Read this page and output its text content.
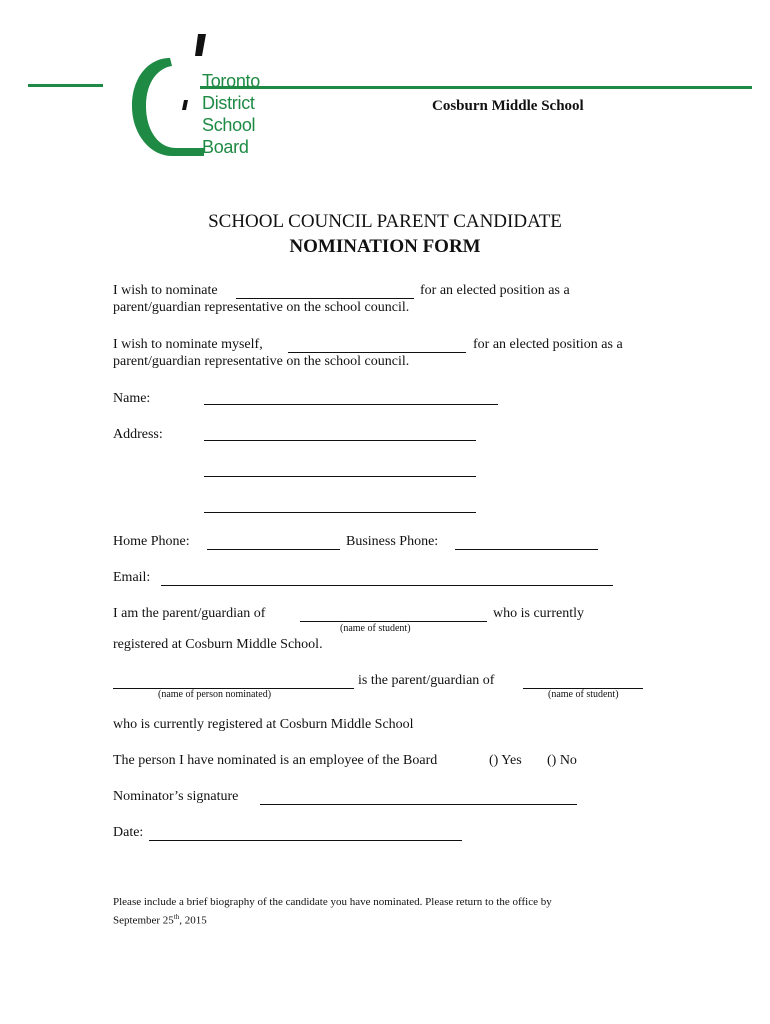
Toronto
District
School
Board
Cosburn Middle School
SCHOOL COUNCIL PARENT CANDIDATE
NOMINATION FORM
I wish to nominate	for an elected position as a
parent/guardian representative on the school council.
I wish to nominate myself,	for an elected position as a
parent/guardian representative on the school council.
Name:
Address:
Home Phone:	Business Phone:
Email:
I am the parent/guardian of	who is currently
(name of student)
registered at Cosburn Middle School.
is the parent/guardian of
(name of person nominated)	(name of student)
who is currently registered at Cosburn Middle School
The person I have nominated is an employee of the Board	() Yes () No
Nominator’s signature
Date:
Please include a brief biography of the candidate you have nominated. Please return to the office by
September 25th, 2015
